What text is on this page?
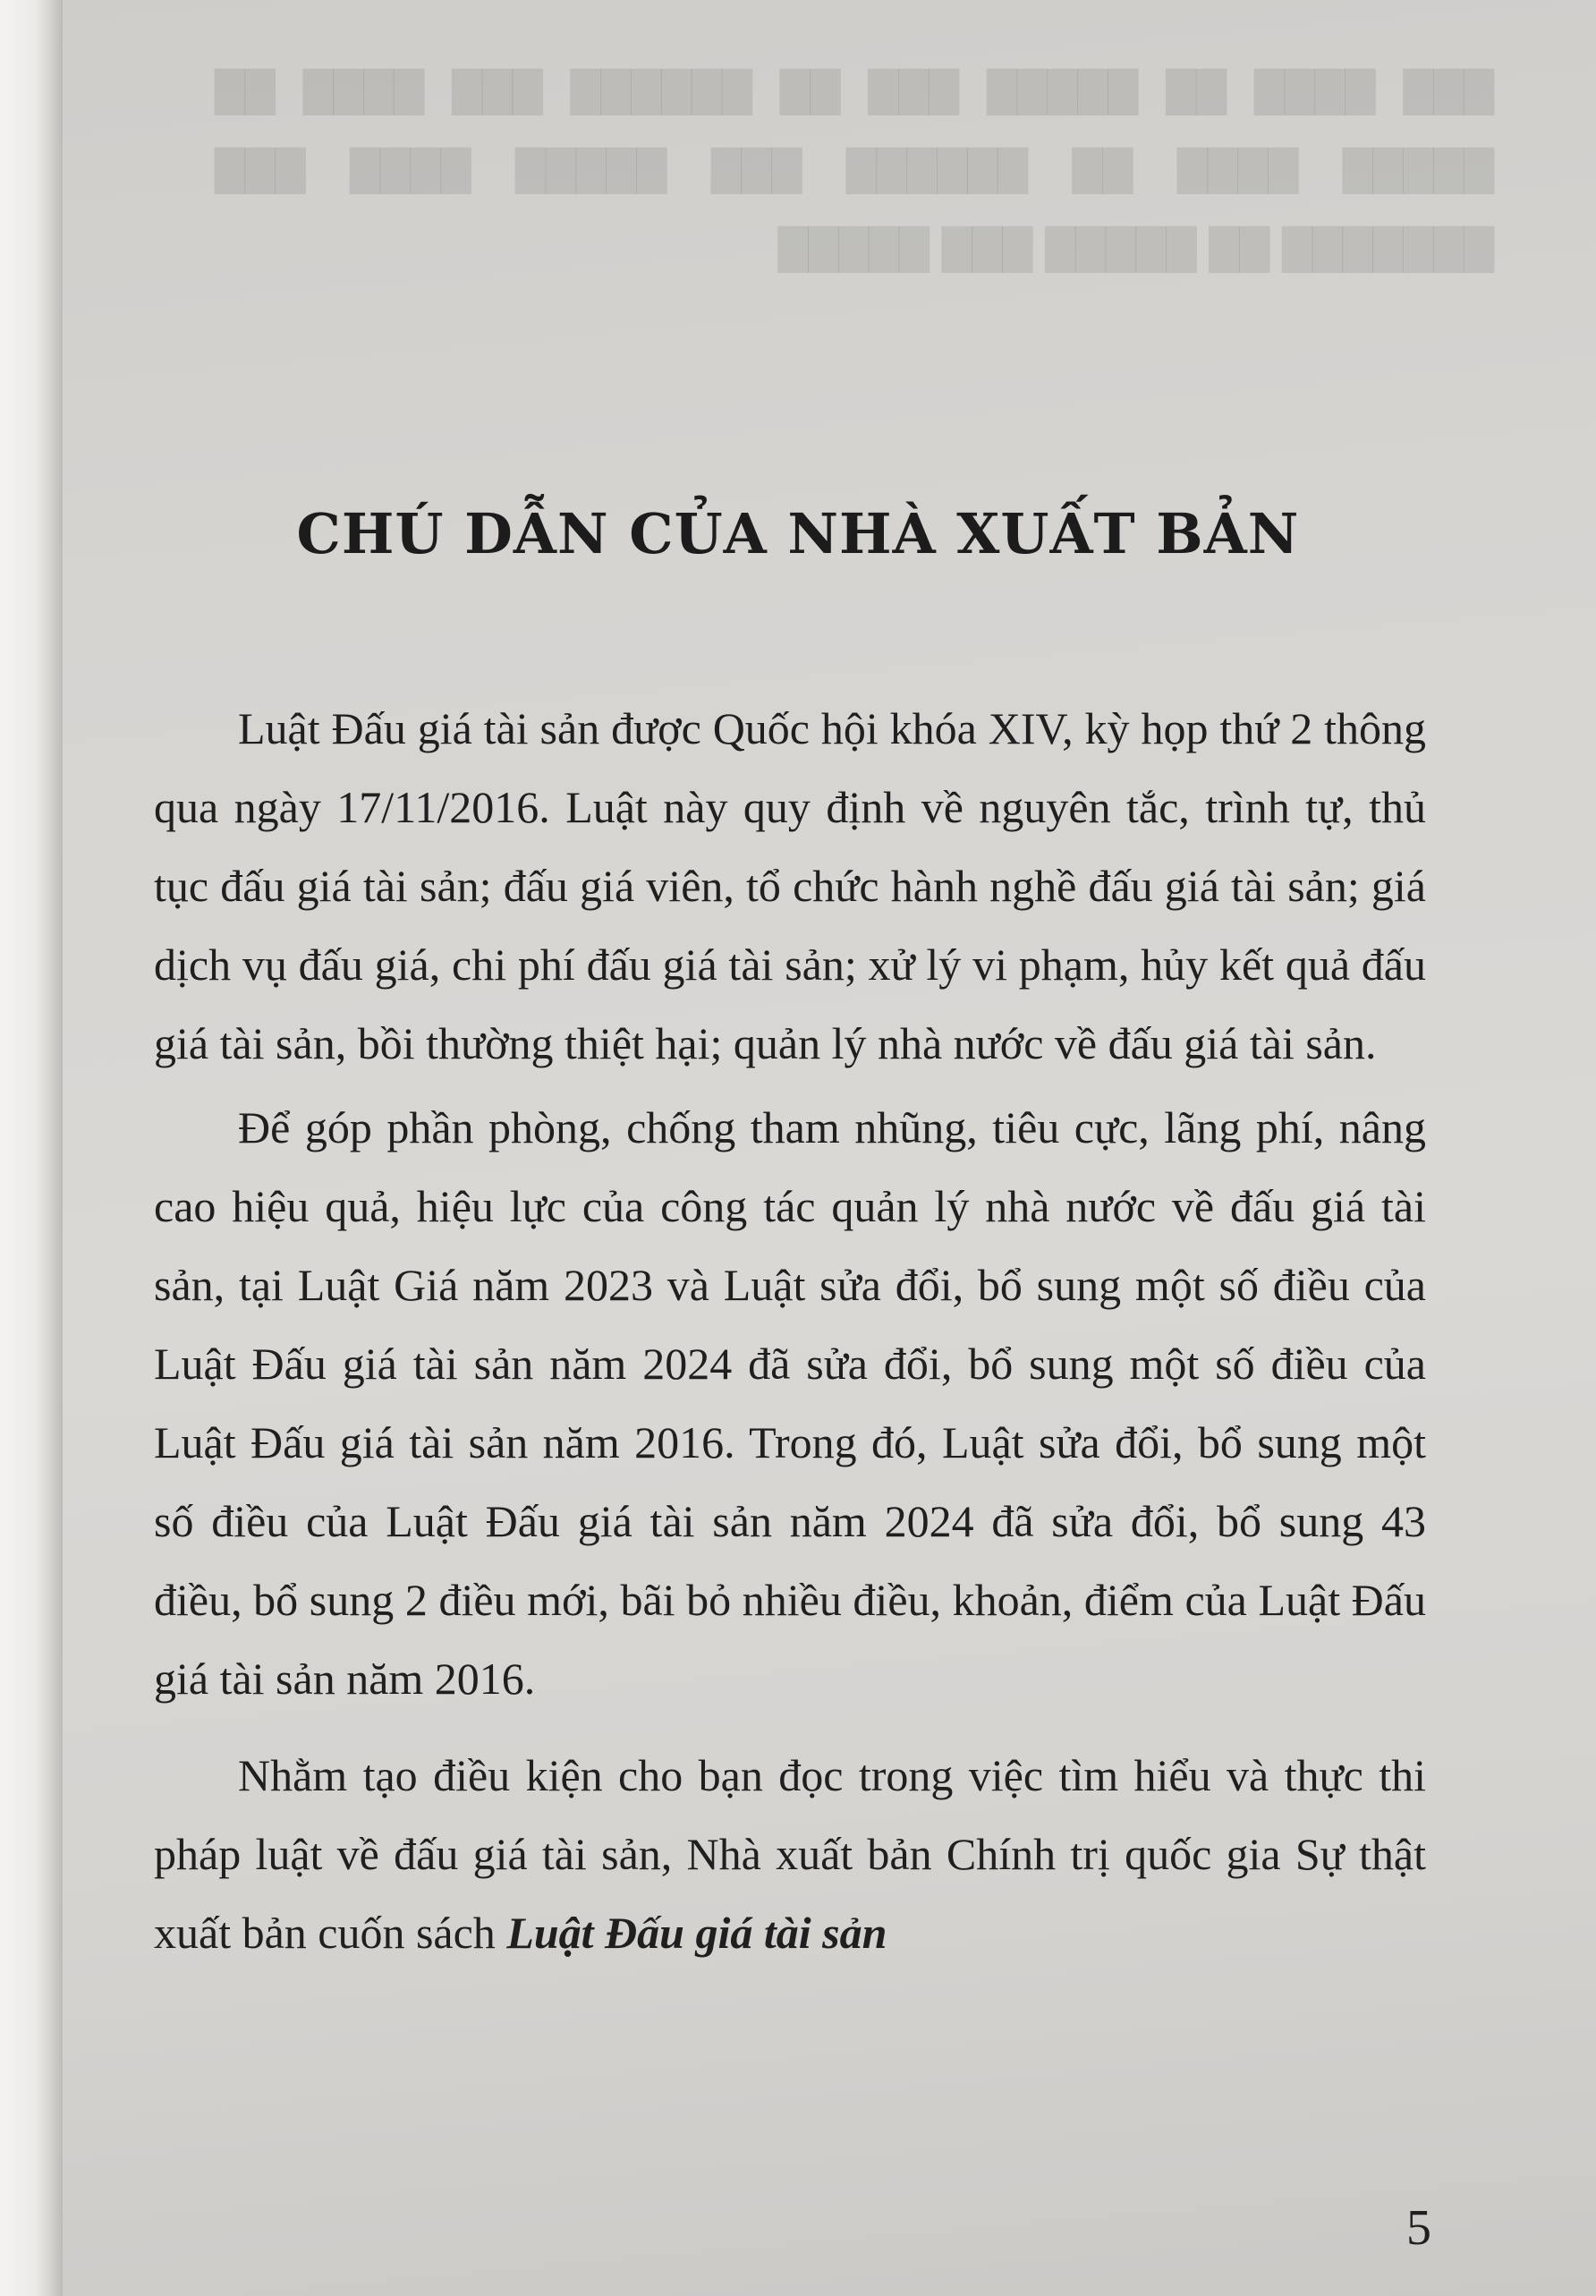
███ ████ ██ █████ ███ ██ ██████ ███ ████ ██ █████ ████ ██ ██████ ███ █████ ████ ███ ███████ ██ █████ ███ █████
CHÚ DẪN CỦA NHÀ XUẤT BẢN

Luật Đấu giá tài sản được Quốc hội khóa XIV, kỳ họp thứ 2 thông qua ngày 17/11/2016. Luật này quy định về nguyên tắc, trình tự, thủ tục đấu giá tài sản; đấu giá viên, tổ chức hành nghề đấu giá tài sản; giá dịch vụ đấu giá, chi phí đấu giá tài sản; xử lý vi phạm, hủy kết quả đấu giá tài sản, bồi thường thiệt hại; quản lý nhà nước về đấu giá tài sản.

Để góp phần phòng, chống tham nhũng, tiêu cực, lãng phí, nâng cao hiệu quả, hiệu lực của công tác quản lý nhà nước về đấu giá tài sản, tại Luật Giá năm 2023 và Luật sửa đổi, bổ sung một số điều của Luật Đấu giá tài sản năm 2024 đã sửa đổi, bổ sung một số điều của Luật Đấu giá tài sản năm 2016. Trong đó, Luật sửa đổi, bổ sung một số điều của Luật Đấu giá tài sản năm 2024 đã sửa đổi, bổ sung 43 điều, bổ sung 2 điều mới, bãi bỏ nhiều điều, khoản, điểm của Luật Đấu giá tài sản năm 2016.

Nhằm tạo điều kiện cho bạn đọc trong việc tìm hiểu và thực thi pháp luật về đấu giá tài sản, Nhà xuất bản Chính trị quốc gia Sự thật xuất bản cuốn sách Luật Đấu giá tài sản

5
